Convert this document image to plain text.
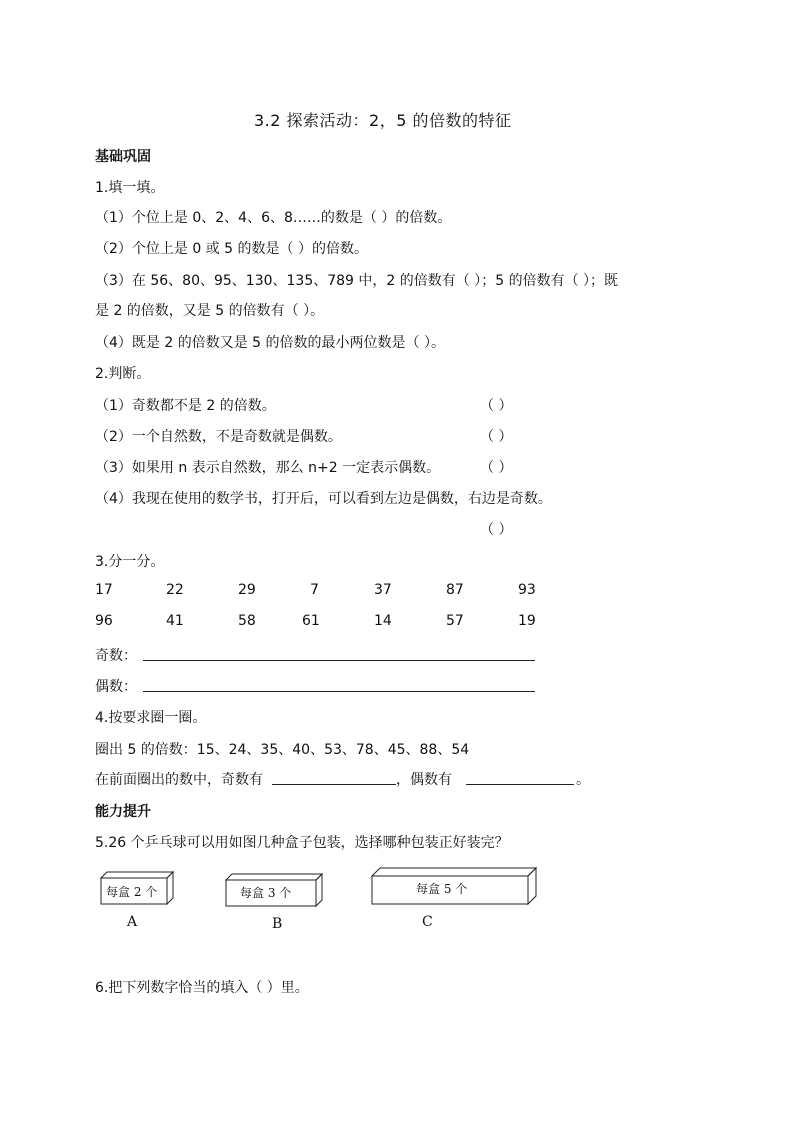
3.2 探索活动：2，5 的倍数的特征
基础巩固
1.填一填。
（1）个位上是 0、2、4、6、8……的数是（ ）的倍数。
（2）个位上是 0 或 5 的数是（ ）的倍数。
（3）在 56、80、95、130、135、789 中，2 的倍数有（ ）；5 的倍数有（ ）；既
是 2 的倍数，又是 5 的倍数有（ ）。
（4）既是 2 的倍数又是 5 的倍数的最小两位数是（ ）。
2.判断。
（1）奇数都不是 2 的倍数。	（ ）
（2）一个自然数，不是奇数就是偶数。	（ ）
（3）如果用 n 表示自然数，那么 n+2 一定表示偶数。	（ ）
（4）我现在使用的数学书，打开后，可以看到左边是偶数，右边是奇数。
（ ）
3.分一分。
17	22	29	7	37	87	93
96	41	58	61	14	57	19
奇数：
偶数：
4.按要求圈一圈。
圈出 5 的倍数：15、24、35、40、53、78、45、88、54
在前面圈出的数中，奇数有	，偶数有	。
能力提升
5.26 个乒乓球可以用如图几种盒子包装，选择哪种包装正好装完？
每盒 2 个
A
每盒 3 个
B
每盒 5 个
C
6.把下列数字恰当的填入（ ）里。
